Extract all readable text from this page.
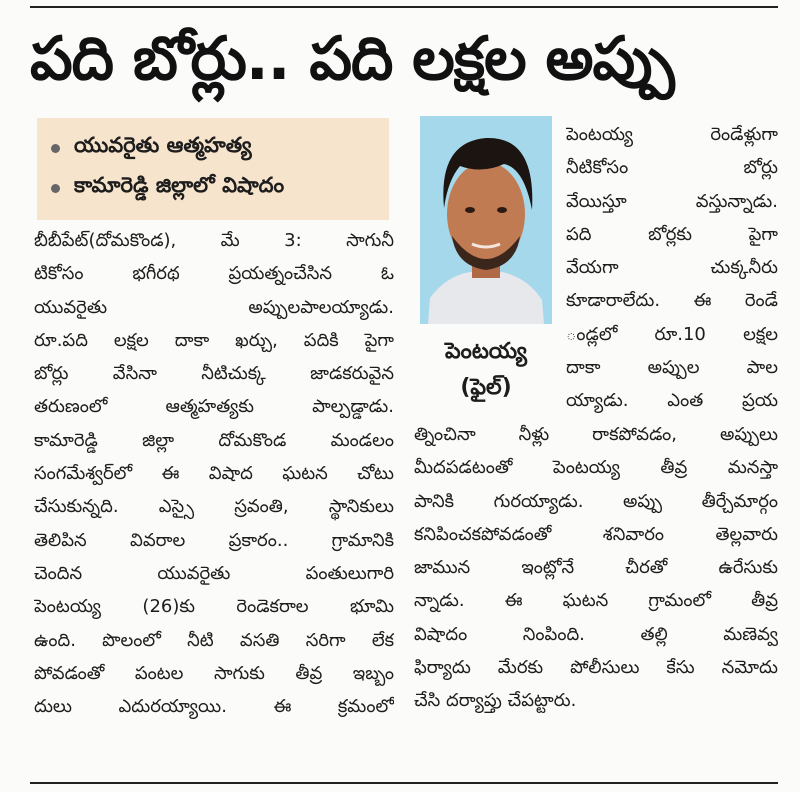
పది బోర్లు.. పది లక్షల అప్పు
యువరైతు ఆత్మహత్య
కామారెడ్డి జిల్లాలో విషాదం
బీబీపేట్(దోమకొండ), మే 3: సాగునీ
టికోసం భగీరథ ప్రయత్నంచేసిన ఓ
యువరైతు అప్పులపాలయ్యాడు.
రూ.పది లక్షల దాకా ఖర్చు, పదికి పైగా
బోర్లు వేసినా నీటిచుక్క జాడకరువైన
తరుణంలో ఆత్మహత్యకు పాల్పడ్డాడు.
కామారెడ్డి జిల్లా దోమకొండ మండలం
సంగమేశ్వర్‌లో ఈ విషాద ఘటన చోటు
చేసుకున్నది. ఎస్సై స్రవంతి, స్థానికులు
తెలిపిన వివరాల ప్రకారం.. గ్రామానికి
చెందిన యువరైతు పంతులుగారి
పెంటయ్య (26)కు రెండెకరాల భూమి
ఉంది. పొలంలో నీటి వసతి సరిగా లేక
పోవడంతో పంటల సాగుకు తీవ్ర ఇబ్బం
దులు ఎదురయ్యాయి. ఈ క్రమంలో
పెంటయ్య
(ఫైల్)
పెంటయ్య రెండేళ్లుగా
నీటికోసం బోర్లు
వేయిస్తూ వస్తున్నాడు.
పది బోర్లకు పైగా
వేయగా చుక్కనీరు
కూడారాలేదు. ఈ రెండే
ండ్లలో రూ.10 లక్షల
దాకా అప్పుల పాల
య్యాడు. ఎంత ప్రయ
త్నించినా నీళ్లు రాకపోవడం, అప్పులు
మీదపడటంతో పెంటయ్య తీవ్ర మనస్తా
పానికి గురయ్యాడు. అప్పు తీర్చేమార్గం
కనిపించకపోవడంతో శనివారం తెల్లవారు
జామున ఇంట్లోనే చీరతో ఉరేసుకు
న్నాడు. ఈ ఘటన గ్రామంలో తీవ్ర
విషాదం నింపింది. తల్లి మణెవ్వ
ఫిర్యాదు మేరకు పోలీసులు కేసు నమోదు
చేసి దర్యాప్తు చేపట్టారు.
